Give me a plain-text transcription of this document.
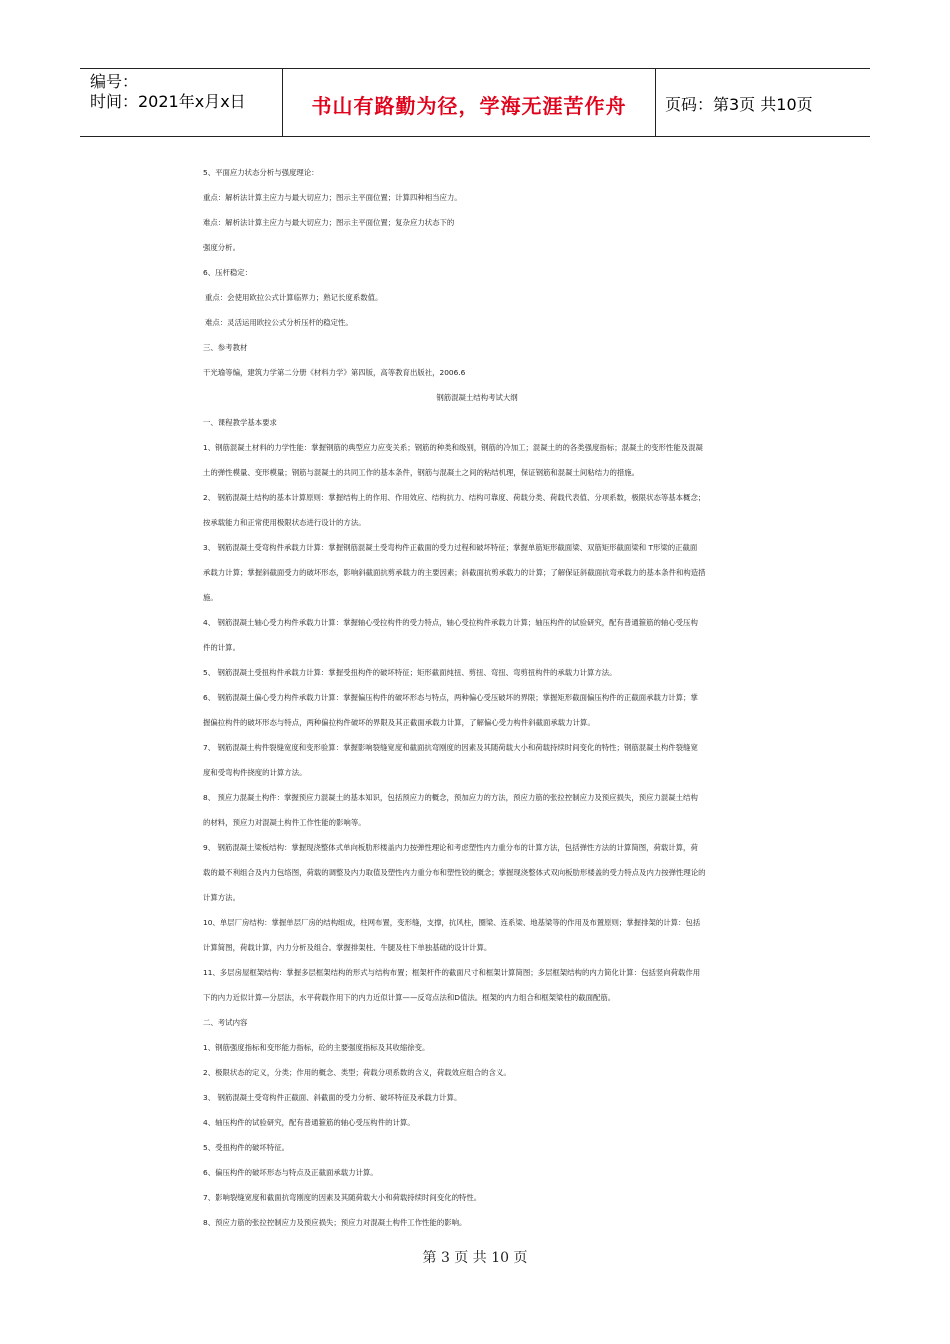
编号：
时间：2021年x月x日	书山有路勤为径，学海无涯苦作舟	页码：第3页 共10页
5、平面应力状态分析与强度理论：
重点：解析法计算主应力与最大切应力；图示主平面位置；计算四种相当应力。
难点：解析法计算主应力与最大切应力；图示主平面位置；复杂应力状态下的
强度分析。
6、压杆稳定：
重点：会使用欧拉公式计算临界力；熟记长度系数值。
难点：灵活运用欧拉公式分析压杆的稳定性。
三、参考教材
干光瑜等编，建筑力学第二分册《材料力学》第四版，高等教育出版社，2006.6
钢筋混凝土结构考试大纲
一、课程教学基本要求
1、钢筋混凝土材料的力学性能：掌握钢筋的典型应力应变关系；钢筋的种类和级别，钢筋的冷加工；混凝土的的各类强度指标；混凝土的变形性能及混凝
土的弹性模量、变形模量；钢筋与混凝土的共同工作的基本条件，钢筋与混凝土之间的粘结机理，保证钢筋和混凝土间粘结力的措施。
2、 钢筋混凝土结构的基本计算原则：掌握结构上的作用、作用效应、结构抗力、结构可靠度、荷载分类、荷载代表值、分项系数，极限状态等基本概念；
按承载能力和正常使用极限状态进行设计的方法。
3、 钢筋混凝土受弯构件承载力计算：掌握钢筋混凝土受弯构件正截面的受力过程和破坏特征；掌握单筋矩形截面梁、双筋矩形截面梁和 T形梁的正截面
承载力计算；掌握斜截面受力的破坏形态，影响斜截面抗剪承载力的主要因素；斜截面抗剪承载力的计算；了解保证斜截面抗弯承载力的基本条件和构造措
施。
4、 钢筋混凝土轴心受力构件承载力计算：掌握轴心受拉构件的受力特点，轴心受拉构件承载力计算；轴压构件的试验研究，配有普通箍筋的轴心受压构
件的计算。
5、 钢筋混凝土受扭构件承载力计算：掌握受扭构件的破坏特征；矩形截面纯扭、剪扭、弯扭、弯剪扭构件的承载力计算方法。
6、 钢筋混凝土偏心受力构件承载力计算：掌握偏压构件的破坏形态与特点，两种偏心受压破坏的界限；掌握矩形截面偏压构件的正截面承载力计算；掌
握偏拉构件的破坏形态与特点，两种偏拉构件破坏的界限及其正截面承载力计算，了解偏心受力构件斜截面承载力计算。
7、 钢筋混凝土构件裂缝宽度和变形验算：掌握影响裂缝宽度和截面抗弯刚度的因素及其随荷载大小和荷载持续时间变化的特性；钢筋混凝土构件裂缝宽
度和受弯构件挠度的计算方法。
8、 预应力混凝土构件：掌握预应力混凝土的基本知识，包括预应力的概念，预加应力的方法，预应力筋的张拉控制应力及预应损失，预应力混凝土结构
的材料，预应力对混凝土构件工作性能的影响等。
9、 钢筋混凝土梁板结构：掌握现浇整体式单向板肋形楼盖内力按弹性理论和考虑塑性内力重分布的计算方法，包括弹性方法的计算简图，荷载计算，荷
载的最不利组合及内力包络图，荷载的调整及内力取值及塑性内力重分布和塑性铰的概念；掌握现浇整体式双向板肋形楼盖的受力特点及内力按弹性理论的
计算方法。
10、单层厂房结构：掌握单层厂房的结构组成，柱网布置，变形缝，支撑，抗风柱，圈梁、连系梁、地基梁等的作用及布置原则；掌握排架的计算：包括
计算简图，荷载计算，内力分析及组合。掌握排架柱、牛腿及柱下单独基础的设计计算。
11、多层房屋框架结构：掌握多层框架结构的形式与结构布置；框架杆件的截面尺寸和框架计算简图；多层框架结构的内力简化计算：包括竖向荷载作用
下的内力近似计算—分层法，水平荷载作用下的内力近似计算——反弯点法和D值法。框架的内力组合和框架梁柱的截面配筋。
二、考试内容
1、钢筋强度指标和变形能力指标，砼的主要强度指标及其收缩徐变。
2、极限状态的定义，分类；作用的概念、类型；荷载分项系数的含义，荷载效应组合的含义。
3、 钢筋混凝土受弯构件正截面、斜截面的受力分析、破坏特征及承载力计算。
4、轴压构件的试验研究，配有普通箍筋的轴心受压构件的计算。
5、受扭构件的破坏特征。
6、偏压构件的破坏形态与特点及正截面承载力计算。
7、影响裂缝宽度和截面抗弯刚度的因素及其随荷载大小和荷载持续时间变化的特性。
8、预应力筋的张拉控制应力及预应损失；预应力对混凝土构件工作性能的影响。
第 3 页 共 10 页
